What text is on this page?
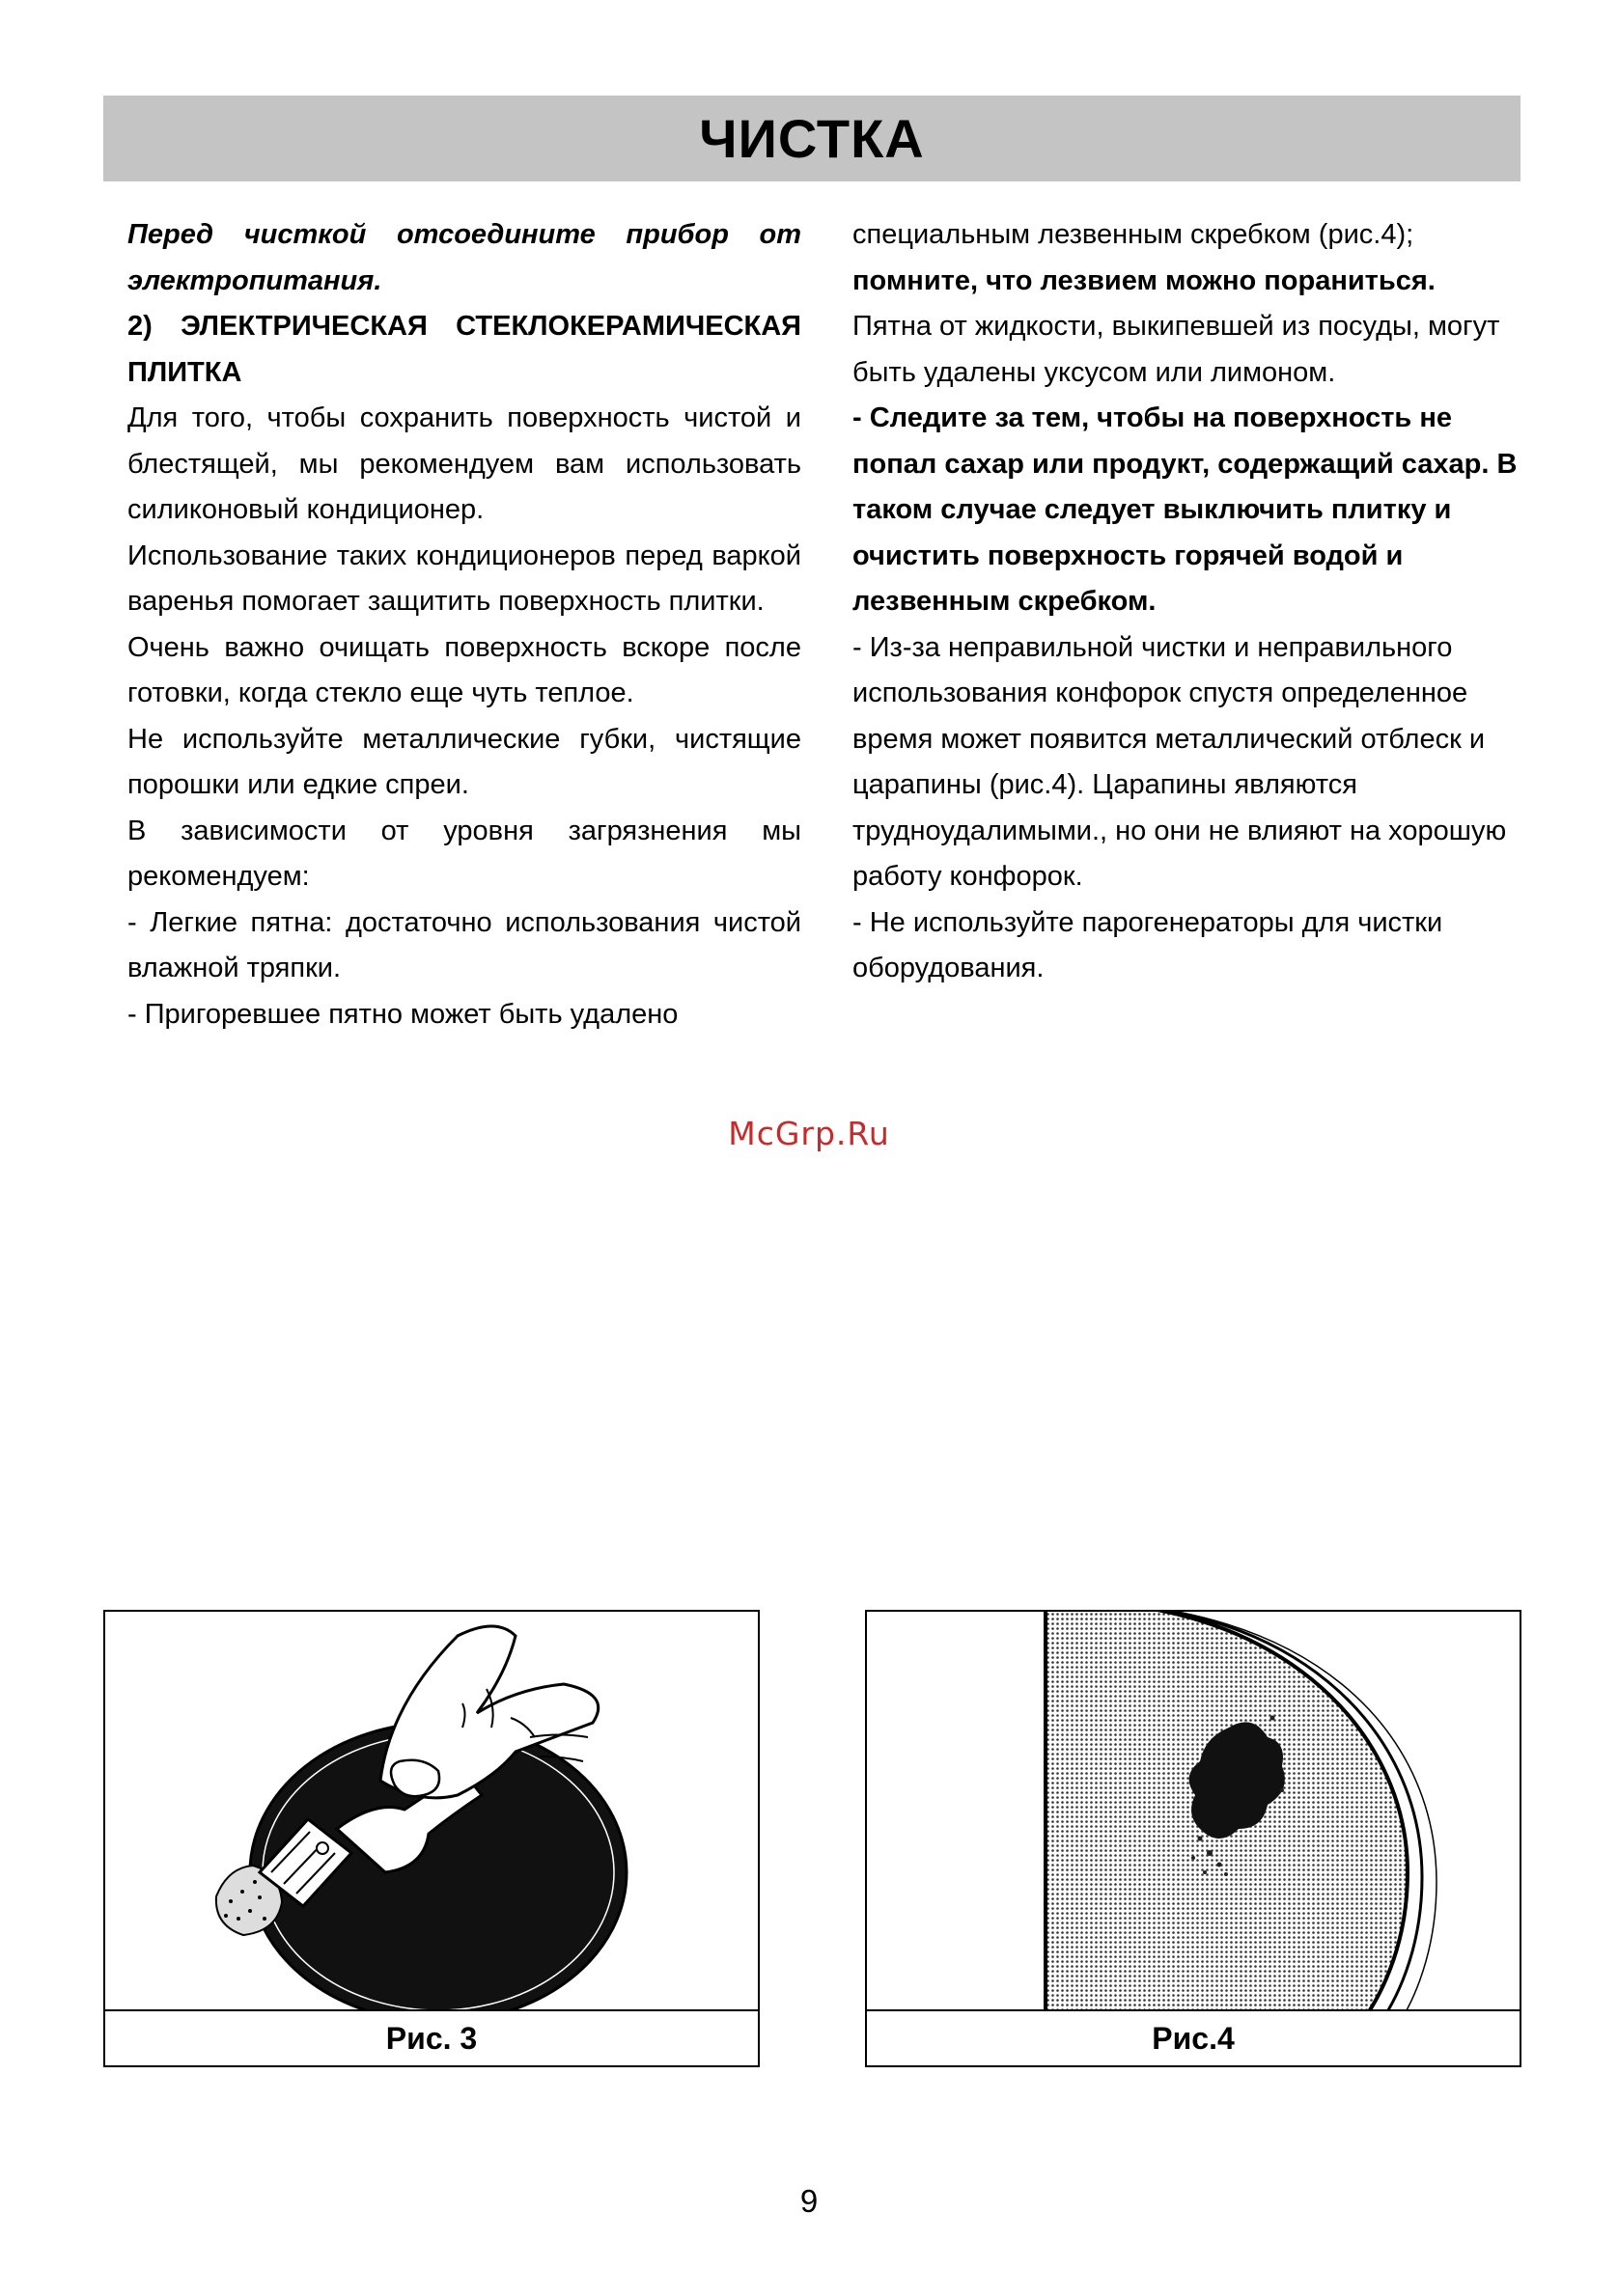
ЧИСТКА

Перед чисткой отсоедините прибор от электропитания.

2) ЭЛЕКТРИЧЕСКАЯ СТЕКЛОКЕРАМИЧЕСКАЯ ПЛИТКА

Для того, чтобы сохранить поверхность чистой и блестящей, мы рекомендуем вам использовать силиконовый кондиционер.

Использование таких кондиционеров перед варкой варенья помогает защитить поверхность плитки.

Очень важно очищать поверхность вскоре после готовки, когда стекло еще чуть теплое.

Не используйте металлические губки, чистящие порошки или едкие спреи.

В зависимости от уровня загрязнения мы рекомендуем:

- Легкие пятна: достаточно использования чистой влажной тряпки.

- Пригоревшее пятно может быть удалено

специальным лезвенным скребком (рис.4);

помните, что лезвием можно пораниться.

Пятна от жидкости, выкипевшей из посуды, могут быть удалены уксусом или лимоном.

- Следите за тем, чтобы на поверхность не попал сахар или продукт, содержащий сахар. В таком случае следует выключить плитку и очистить поверхность горячей водой и лезвенным скребком.

- Из-за неправильной чистки и неправильного использования конфорок спустя определенное время может появится металлический отблеск и царапины (рис.4). Царапины являются трудноудалимыми., но они не влияют на хорошую работу конфорок.

- Не используйте парогенераторы для чистки оборудования.

McGrp.Ru
Рис. 3	Рис.4
9
